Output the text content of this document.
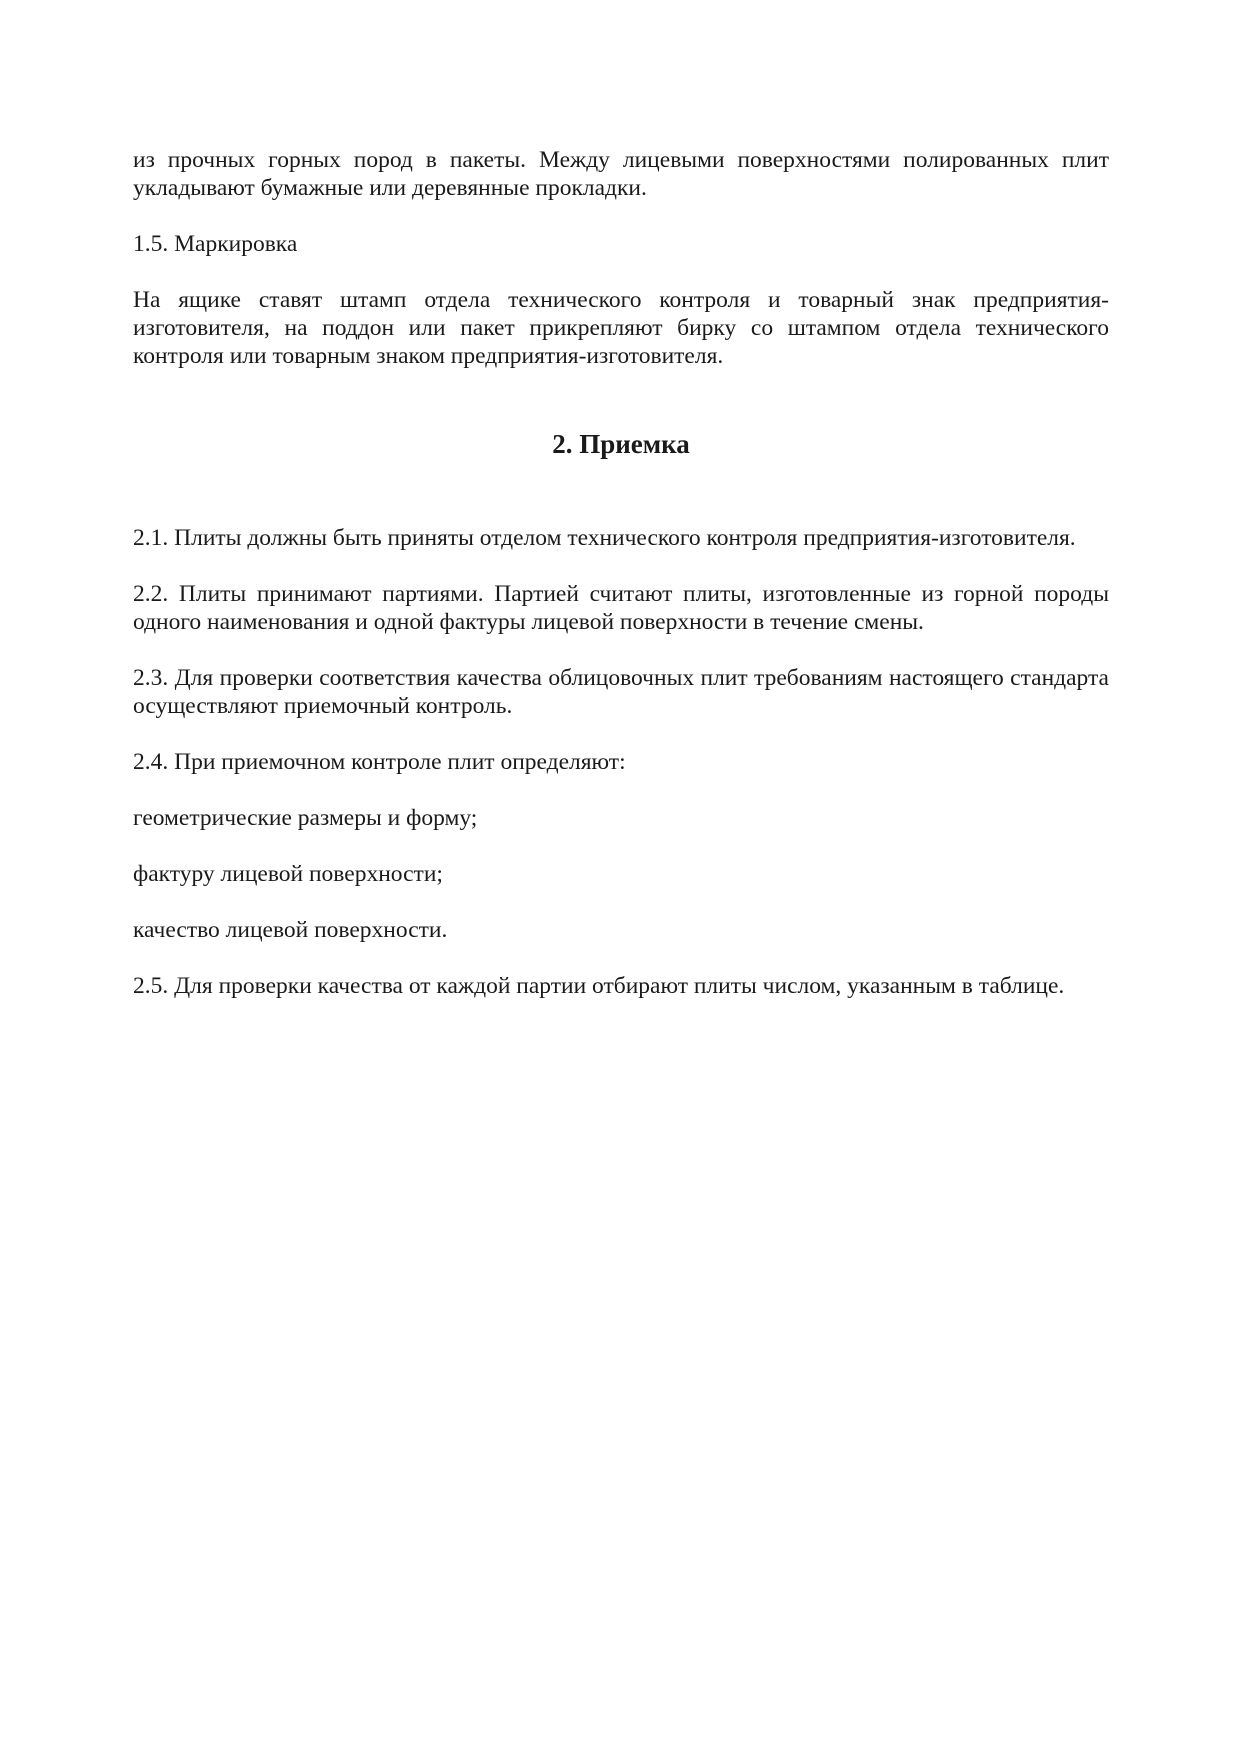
из прочных горных пород в пакеты. Между лицевыми поверхностями полированных плит укладывают бумажные или деревянные прокладки.

1.5. Маркировка

На ящике ставят штамп отдела технического контроля и товарный знак предприятия-изготовителя, на поддон или пакет прикрепляют бирку со штампом отдела технического контроля или товарным знаком предприятия-изготовителя.

2. Приемка

2.1. Плиты должны быть приняты отделом технического контроля предприятия-изготовителя.

2.2. Плиты принимают партиями. Партией считают плиты, изготовленные из горной породы одного наименования и одной фактуры лицевой поверхности в течение смены.

2.3. Для проверки соответствия качества облицовочных плит требованиям настоящего стандарта осуществляют приемочный контроль.

2.4. При приемочном контроле плит определяют:

геометрические размеры и форму;

фактуру лицевой поверхности;

качество лицевой поверхности.

2.5. Для проверки качества от каждой партии отбирают плиты числом, указанным в таблице.
